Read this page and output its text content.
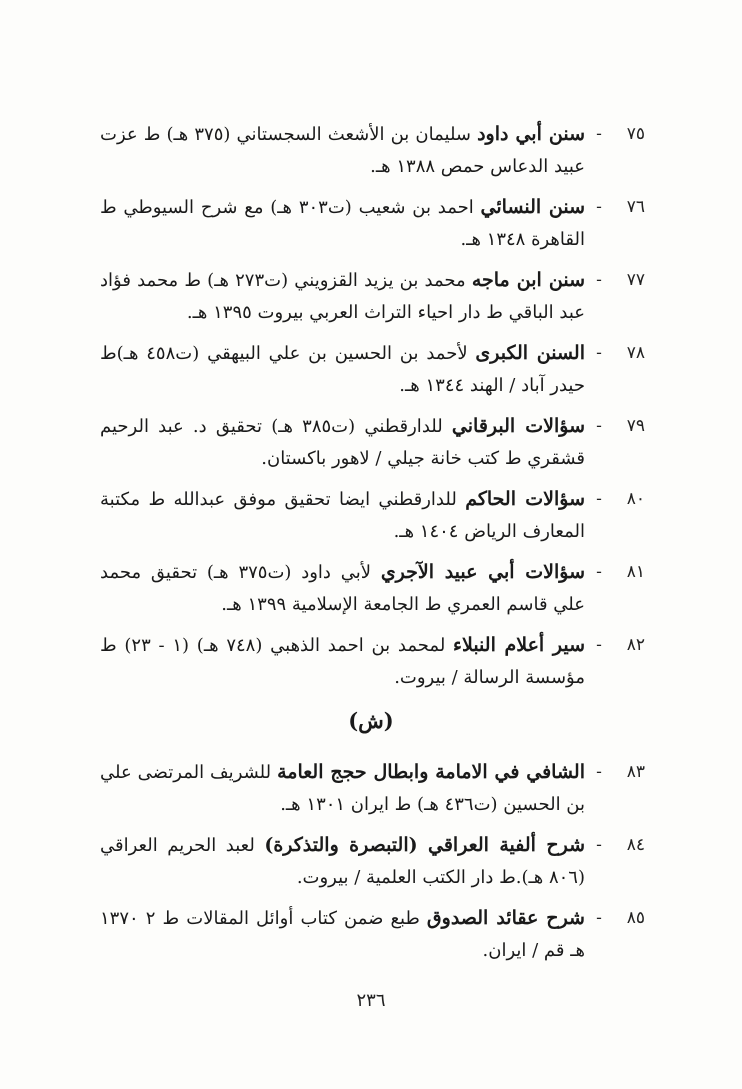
٧٥
-
سنن أبي داود سليمان بن الأشعث السجستاني (٣٧٥ هـ) ط عزت عبيد الدعاس حمص ١٣٨٨ هـ.
٧٦
-
سنن النسائي احمد بن شعيب (ت٣٠٣ هـ) مع شرح السيوطي ط القاهرة ١٣٤٨ هـ.
٧٧
-
سنن ابن ماجه محمد بن يزيد القزويني (ت٢٧٣ هـ) ط محمد فؤاد عبد الباقي ط دار احياء التراث العربي بيروت ١٣٩٥ هـ.
٧٨
-
السنن الكبرى لأحمد بن الحسين بن علي البيهقي (ت٤٥٨ هـ)ط حيدر آباد / الهند ١٣٤٤ هـ.
٧٩
-
سؤالات البرقاني للدارقطني (ت٣٨٥ هـ) تحقيق د. عبد الرحيم قشقري ط كتب خانة جيلي / لاهور باكستان.
٨٠
-
سؤالات الحاكم للدارقطني ايضا تحقيق موفق عبدالله ط مكتبة المعارف الرياض ١٤٠٤ هـ.
٨١
-
سؤالات أبي عبيد الآجري لأبي داود (ت٣٧٥ هـ) تحقيق محمد علي قاسم العمري ط الجامعة الإسلامية ١٣٩٩ هـ.
٨٢
-
سير أعلام النبلاء لمحمد بن احمد الذهبي (٧٤٨ هـ) (١ - ٢٣) ط مؤسسة الرسالة / بيروت.
(ش)
٨٣
-
الشافي في الامامة وابطال حجج العامة للشريف المرتضى علي بن الحسين (ت٤٣٦ هـ) ط ايران ١٣٠١ هـ.
٨٤
-
شرح ألفية العراقي (التبصرة والتذكرة) لعبد الحريم العراقي (٨٠٦ هـ).ط دار الكتب العلمية / بيروت.
٨٥
-
شرح عقائد الصدوق طبع ضمن كتاب أوائل المقالات ط ٢ ١٣٧٠ هـ قم / ايران.
٢٣٦
